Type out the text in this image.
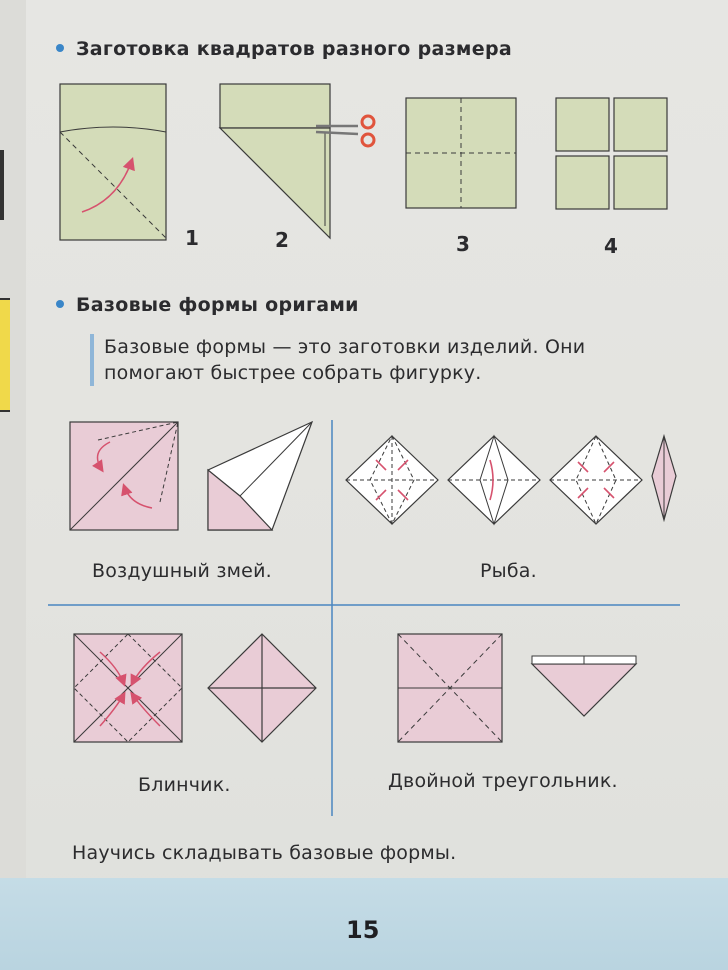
Заготовка квадратов разного размера
1	2	3	4
Базовые формы оригами
Базовые формы — это заготовки изделий. Они
помогают быстрее собрать фигурку.
Воздушный змей.	Рыба.
Блинчик.	Двойной треугольник.
Научись складывать базовые формы.
15
